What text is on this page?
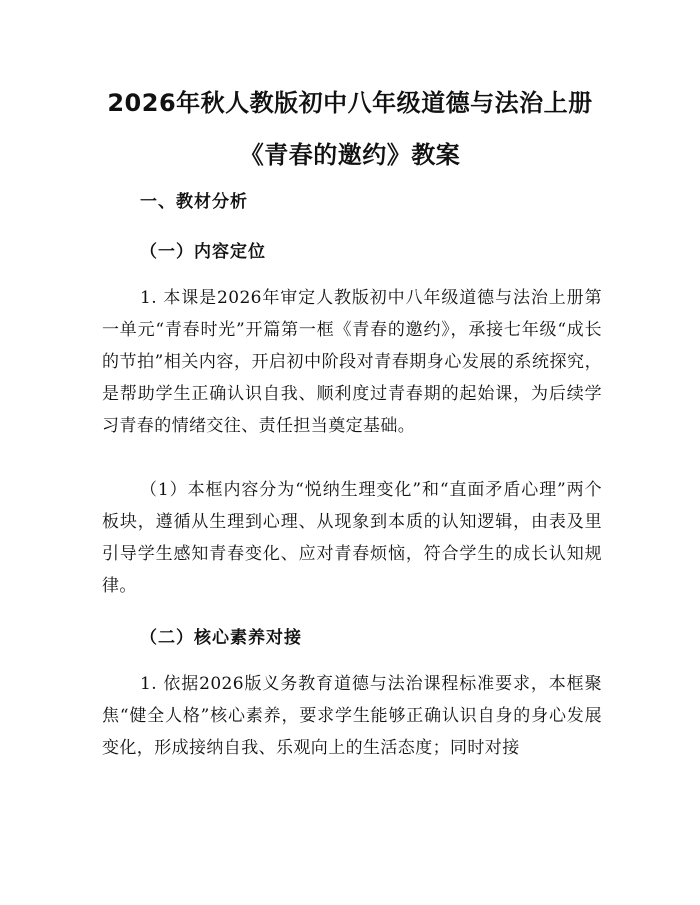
2026年秋人教版初中八年级道德与法治上册
《青春的邀约》教案
一、教材分析
（一）内容定位

1. 本课是2026年审定人教版初中八年级道德与法治上册第一单元“青春时光”开篇第一框《青春的邀约》，承接七年级“成长的节拍”相关内容，开启初中阶段对青春期身心发展的系统探究，是帮助学生正确认识自我、顺利度过青春期的起始课，为后续学习青春的情绪交往、责任担当奠定基础。

（1）本框内容分为“悦纳生理变化”和“直面矛盾心理”两个板块，遵循从生理到心理、从现象到本质的认知逻辑，由表及里引导学生感知青春变化、应对青春烦恼，符合学生的成长认知规律。

（二）核心素养对接

1. 依据2026版义务教育道德与法治课程标准要求，本框聚焦“健全人格”核心素养，要求学生能够正确认识自身的身心发展变化，形成接纳自我、乐观向上的生活态度；同时对接
